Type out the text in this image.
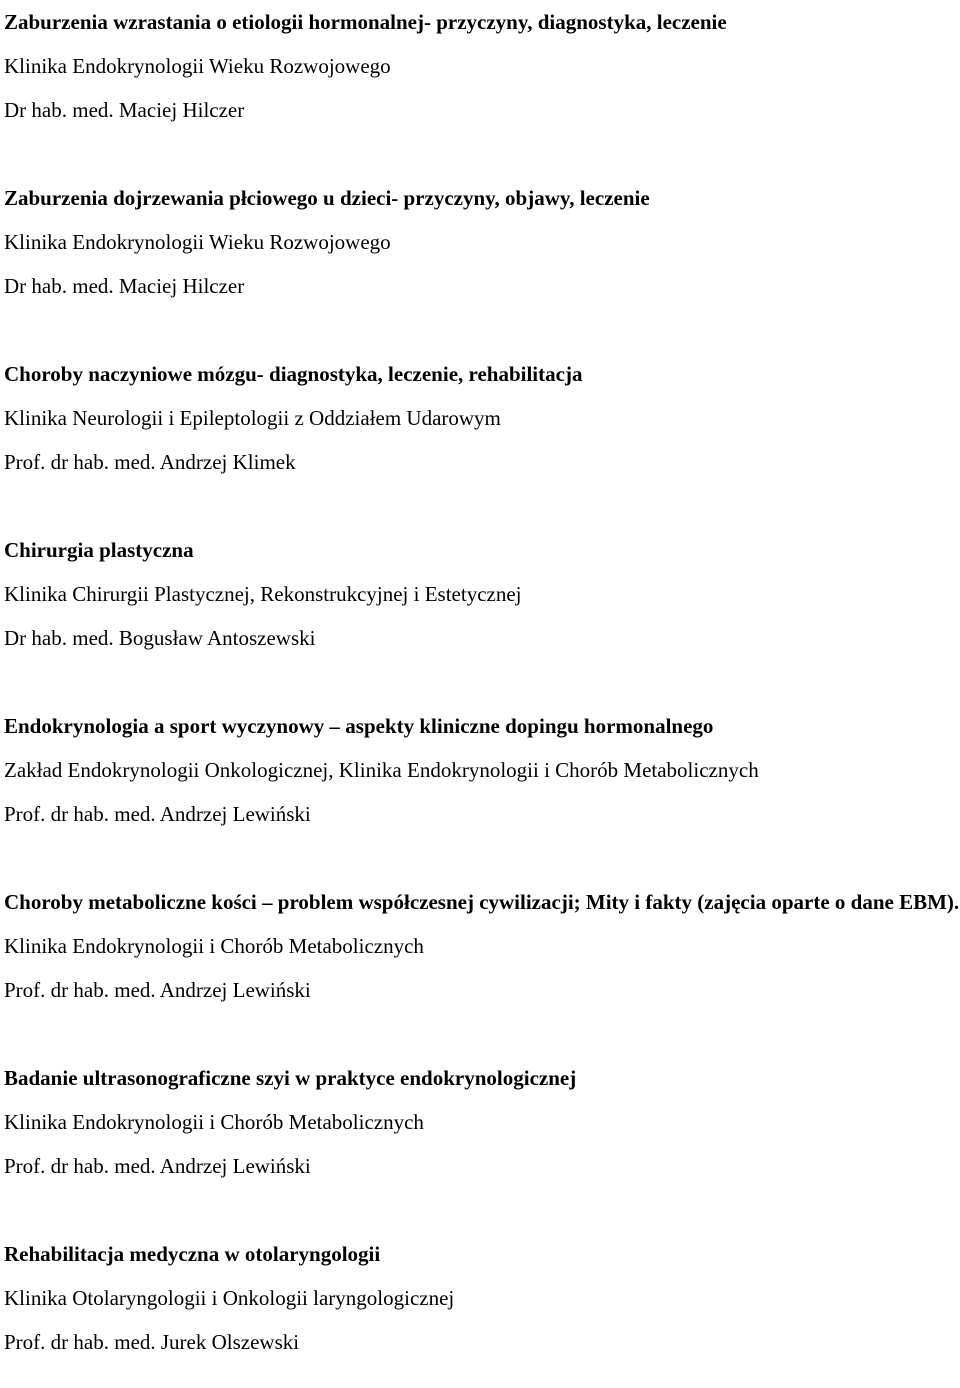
Zaburzenia wzrastania o etiologii hormonalnej- przyczyny, diagnostyka, leczenie
Klinika Endokrynologii Wieku Rozwojowego
Dr hab. med. Maciej Hilczer
Zaburzenia dojrzewania płciowego u dzieci- przyczyny, objawy, leczenie
Klinika Endokrynologii Wieku Rozwojowego
Dr hab. med. Maciej Hilczer
Choroby naczyniowe mózgu- diagnostyka, leczenie, rehabilitacja
Klinika Neurologii i Epileptologii z Oddziałem Udarowym
Prof. dr hab. med. Andrzej Klimek
Chirurgia plastyczna
Klinika Chirurgii Plastycznej, Rekonstrukcyjnej i Estetycznej
Dr hab. med. Bogusław Antoszewski
Endokrynologia a sport wyczynowy – aspekty kliniczne dopingu hormonalnego
Zakład Endokrynologii Onkologicznej, Klinika Endokrynologii i Chorób Metabolicznych
Prof. dr hab. med. Andrzej Lewiński
Choroby metaboliczne kości – problem współczesnej cywilizacji; Mity i fakty (zajęcia oparte o dane EBM).
Klinika Endokrynologii i Chorób Metabolicznych
Prof. dr hab. med. Andrzej Lewiński
Badanie ultrasonograficzne szyi w praktyce endokrynologicznej
Klinika Endokrynologii i Chorób Metabolicznych
Prof. dr hab. med. Andrzej Lewiński
Rehabilitacja medyczna w otolaryngologii
Klinika Otolaryngologii i Onkologii laryngologicznej
Prof. dr hab. med. Jurek Olszewski
